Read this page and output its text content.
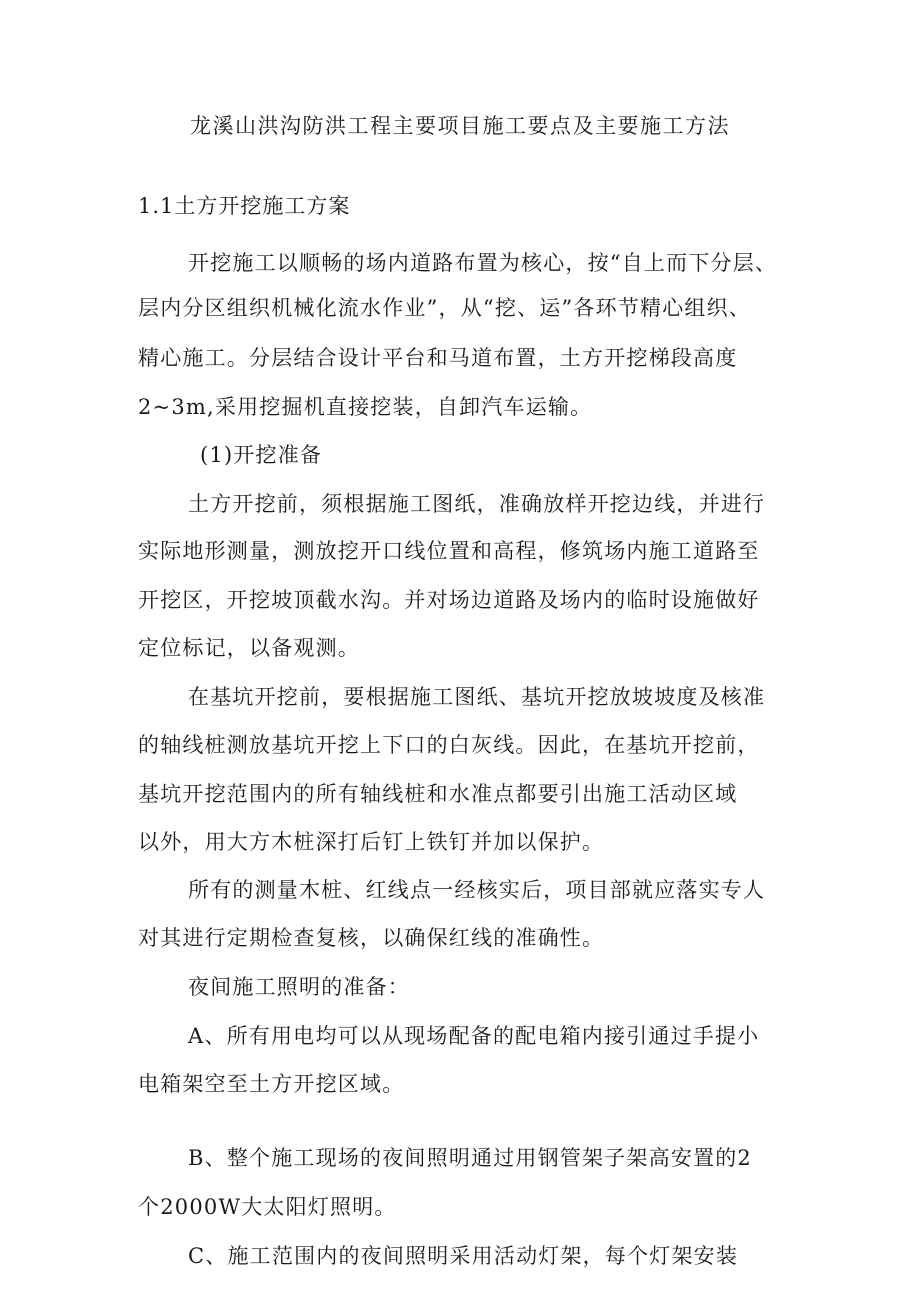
龙溪山洪沟防洪工程主要项目施工要点及主要施工方法
1.1土方开挖施工方案
开挖施工以顺畅的场内道路布置为核心，按“自上而下分层、
层内分区组织机械化流水作业”，从“挖、运”各环节精心组织、
精心施工。分层结合设计平台和马道布置，土方开挖梯段高度
2~3m,采用挖掘机直接挖装，自卸汽车运输。
(1)开挖准备
土方开挖前，须根据施工图纸，准确放样开挖边线，并进行
实际地形测量，测放挖开口线位置和高程，修筑场内施工道路至
开挖区，开挖坡顶截水沟。并对场边道路及场内的临时设施做好
定位标记，以备观测。
在基坑开挖前，要根据施工图纸、基坑开挖放坡坡度及核准
的轴线桩测放基坑开挖上下口的白灰线。因此，在基坑开挖前，
基坑开挖范围内的所有轴线桩和水准点都要引出施工活动区域
以外，用大方木桩深打后钉上铁钉并加以保护。
所有的测量木桩、红线点一经核实后，项目部就应落实专人
对其进行定期检查复核，以确保红线的准确性。
夜间施工照明的准备：
A、所有用电均可以从现场配备的配电箱内接引通过手提小
电箱架空至土方开挖区域。
B、整个施工现场的夜间照明通过用钢管架子架高安置的2
个2000W大太阳灯照明。
C、施工范围内的夜间照明采用活动灯架，每个灯架安装
